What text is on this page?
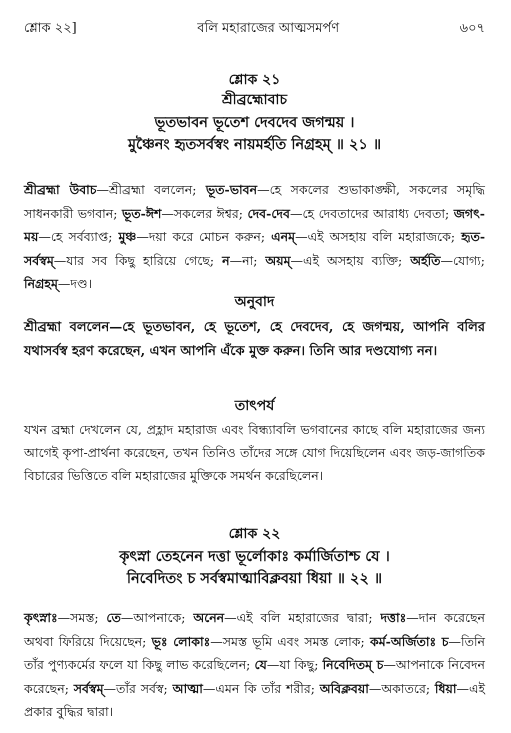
শ্লোক ২২]	বলি মহারাজের আত্মসমর্পণ	৬০৭
শ্লোক ২১
শ্রীব্রহ্মোবাচ
ভূতভাবন ভূতেশ দেবদেব জগন্ময় ।
মুঞ্চৈনং হৃতসর্বস্বং নায়মর্হতি নিগ্রহম্ ॥ ২১ ॥
শ্রীব্রহ্মা উবাচ—শ্রীব্রহ্মা বললেন; ভূত-ভাবন—হে সকলের শুভাকাঙ্ক্ষী, সকলের সমৃদ্ধি সাধনকারী ভগবান; ভূত-ঈশ—সকলের ঈশ্বর; দেব-দেব—হে দেবতাদের আরাধ্য দেবতা; জগৎ-ময়—হে সর্বব্যাপ্ত; মুঞ্চ—দয়া করে মোচন করুন; এনম্—এই অসহায় বলি মহারাজকে; হৃত-সর্বস্বম্—যার সব কিছু হারিয়ে গেছে; ন—না; অয়ম্—এই অসহায় ব্যক্তি; অর্হতি—যোগ্য; নিগ্রহম্—দণ্ড।
অনুবাদ
শ্রীব্রহ্মা বললেন—হে ভূতভাবন, হে ভূতেশ, হে দেবদেব, হে জগন্ময়, আপনি বলির যথাসর্বস্ব হরণ করেছেন, এখন আপনি এঁকে মুক্ত করুন। তিনি আর দণ্ডযোগ্য নন।
তাৎপর্য
যখন ব্রহ্মা দেখলেন যে, প্রহ্লাদ মহারাজ এবং বিন্ধ্যাবলি ভগবানের কাছে বলি মহারাজের জন্য আগেই কৃপা-প্রার্থনা করেছেন, তখন তিনিও তাঁদের সঙ্গে যোগ দিয়েছিলেন এবং জড়-জাগতিক বিচারের ভিত্তিতে বলি মহারাজের মুক্তিকে সমর্থন করেছিলেন।
শ্লোক ২২
কৃৎস্না তেহনেন দত্তা ভূর্লোকাঃ কর্মার্জিতাশ্চ যে ।
নিবেদিতং চ সর্বস্বমাত্মাবিক্লবয়া ধিয়া ॥ ২২ ॥
কৃৎস্নাঃ—সমস্ত; তে—আপনাকে; অনেন—এই বলি মহারাজের দ্বারা; দত্তাঃ—দান করেছেন অথবা ফিরিয়ে দিয়েছেন; ভূঃ লোকাঃ—সমস্ত ভূমি এবং সমস্ত লোক; কর্ম-অর্জিতাঃ চ—তিনি তাঁর পুণ্যকর্মের ফলে যা কিছু লাভ করেছিলেন; যে—যা কিছু; নিবেদিতম্ চ—আপনাকে নিবেদন করেছেন; সর্বস্বম্—তাঁর সর্বস্ব; আত্মা—এমন কি তাঁর শরীর; অবিক্লবয়া—অকাতরে; ধিয়া—এই প্রকার বুদ্ধির দ্বারা।
